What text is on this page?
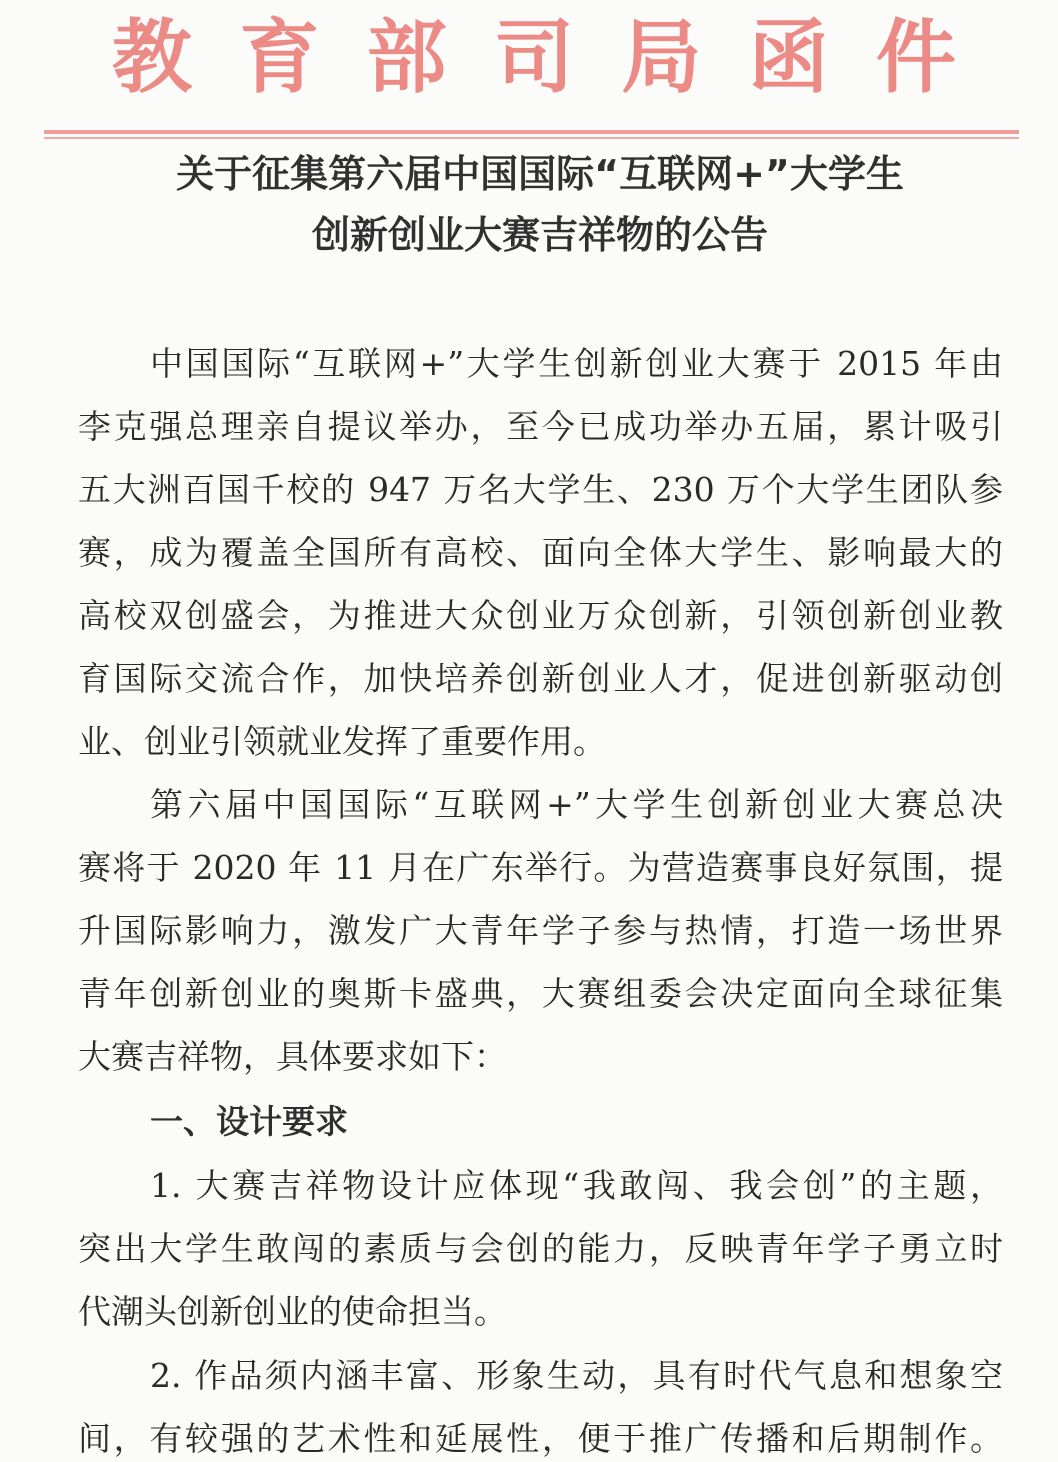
教 育 部 司 局 函 件
关于征集第六届中国国际“互联网+”大学生
创新创业大赛吉祥物的公告

中国国际“互联网+”大学生创新创业大赛于 2015 年由

李克强总理亲自提议举办，至今已成功举办五届，累计吸引

五大洲百国千校的 947 万名大学生、230 万个大学生团队参

赛，成为覆盖全国所有高校、面向全体大学生、影响最大的

高校双创盛会，为推进大众创业万众创新，引领创新创业教

育国际交流合作，加快培养创新创业人才，促进创新驱动创

业、创业引领就业发挥了重要作用。

第六届中国国际“互联网+”大学生创新创业大赛总决

赛将于 2020 年 11 月在广东举行。为营造赛事良好氛围，提

升国际影响力，激发广大青年学子参与热情，打造一场世界

青年创新创业的奥斯卡盛典，大赛组委会决定面向全球征集

大赛吉祥物，具体要求如下：

一、设计要求

1. 大赛吉祥物设计应体现“我敢闯、我会创”的主题，

突出大学生敢闯的素质与会创的能力，反映青年学子勇立时

代潮头创新创业的使命担当。

2. 作品须内涵丰富、形象生动，具有时代气息和想象空

间，有较强的艺术性和延展性，便于推广传播和后期制作。
